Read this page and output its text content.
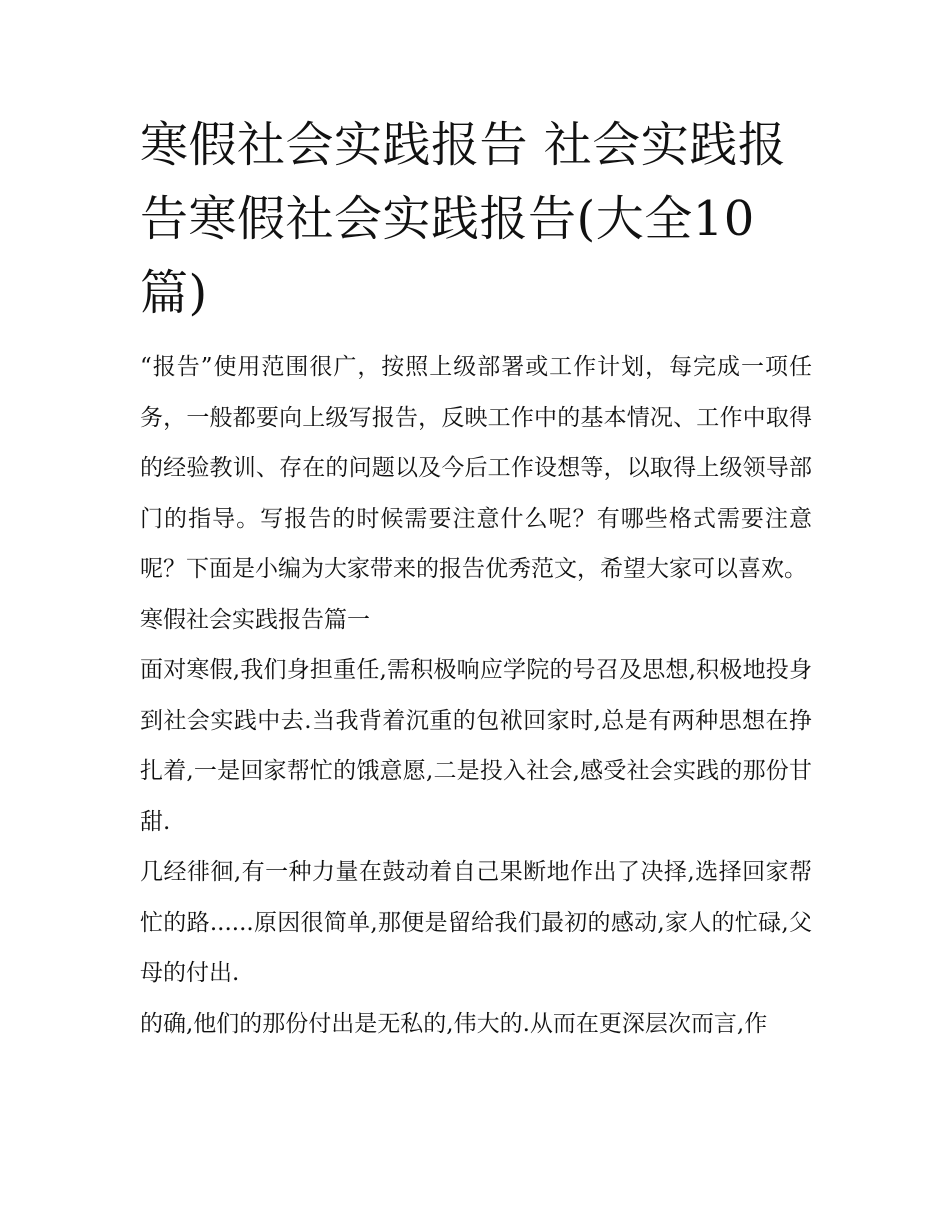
寒假社会实践报告 社会实践报告寒假社会实践报告(大全10篇)

“报告”使用范围很广，按照上级部署或工作计划，每完成一项任务，一般都要向上级写报告，反映工作中的基本情况、工作中取得的经验教训、存在的问题以及今后工作设想等，以取得上级领导部门的指导。写报告的时候需要注意什么呢？有哪些格式需要注意呢？下面是小编为大家带来的报告优秀范文，希望大家可以喜欢。

寒假社会实践报告篇一

面对寒假,我们身担重任,需积极响应学院的号召及思想,积极地投身到社会实践中去.当我背着沉重的包袱回家时,总是有两种思想在挣扎着,一是回家帮忙的饿意愿,二是投入社会,感受社会实践的那份甘甜.

几经徘徊,有一种力量在鼓动着自己果断地作出了决择,选择回家帮忙的路......原因很简单,那便是留给我们最初的感动,家人的忙碌,父母的付出.

的确,他们的那份付出是无私的,伟大的.从而在更深层次而言,作
